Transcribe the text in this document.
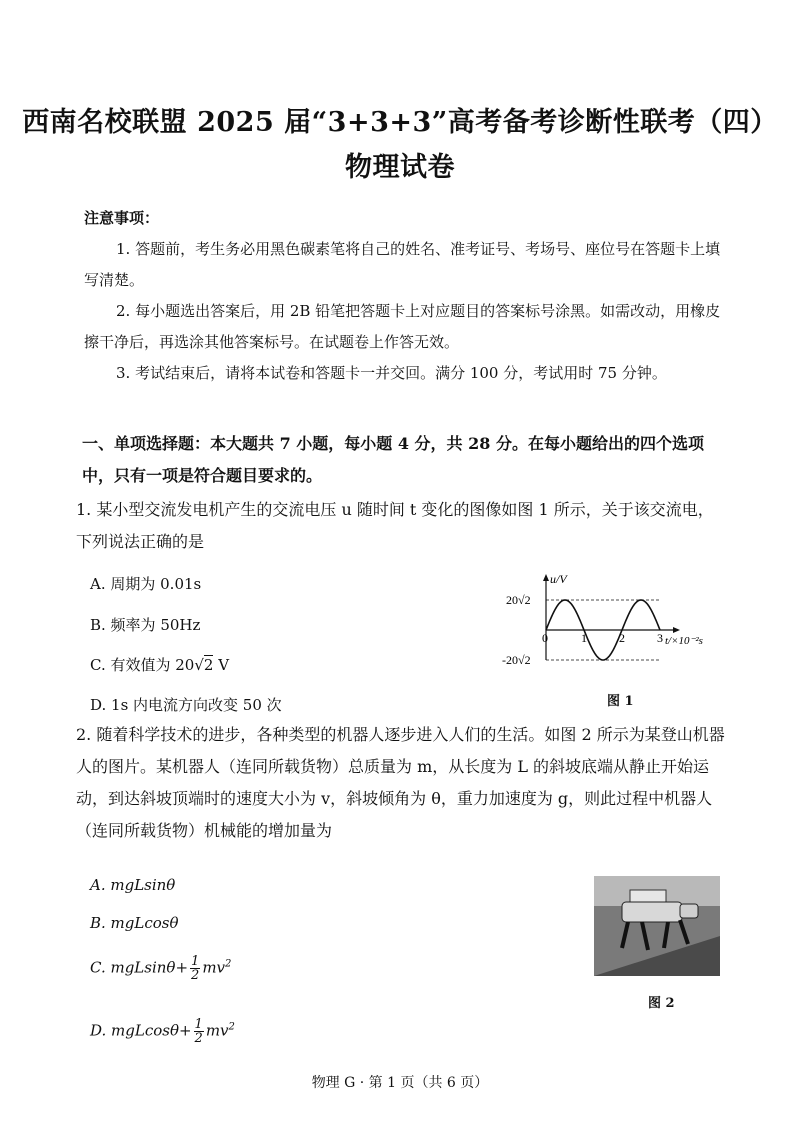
西南名校联盟 2025 届“3+3+3”高考备考诊断性联考（四）
物理试卷
注意事项：
1. 答题前，考生务必用黑色碳素笔将自己的姓名、准考证号、考场号、座位号在答题卡上填写清楚。
2. 每小题选出答案后，用 2B 铅笔把答题卡上对应题目的答案标号涂黑。如需改动，用橡皮擦干净后，再选涂其他答案标号。在试题卷上作答无效。
3. 考试结束后，请将本试卷和答题卡一并交回。满分 100 分，考试用时 75 分钟。
一、单项选择题：本大题共 7 小题，每小题 4 分，共 28 分。在每小题给出的四个选项中，只有一项是符合题目要求的。
1. 某小型交流发电机产生的交流电压 u 随时间 t 变化的图像如图 1 所示，关于该交流电，下列说法正确的是
A. 周期为 0.01s
B. 频率为 50Hz
C. 有效值为 20√2 V
D. 1s 内电流方向改变 50 次
u/V
t/×10⁻²s
20√2
-20√2
0	1	2	3
图 1
2. 随着科学技术的进步，各种类型的机器人逐步进入人们的生活。如图 2 所示为某登山机器人的图片。某机器人（连同所载货物）总质量为 m，从长度为 L 的斜坡底端从静止开始运动，到达斜坡顶端时的速度大小为 v，斜坡倾角为 θ，重力加速度为 g，则此过程中机器人（连同所载货物）机械能的增加量为
A. mgLsinθ
B. mgLcosθ
C. $mgLsin\theta+ \frac{1}{2} mv^2$
D. $mgLcos\theta+ \frac{1}{2} mv^2$
图 2
物理 G · 第 1 页（共 6 页）
